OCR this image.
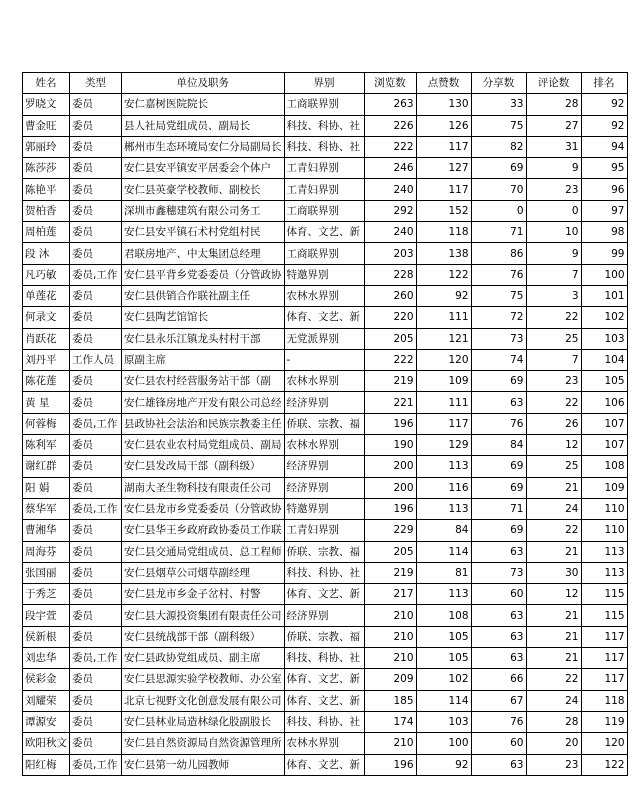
姓名	类型	单位及职务	界别	浏览数	点赞数	分享数	评论数	排名
罗晓文	委员	安仁嘉树医院院长	工商联界别	263	130	33	28	92
曹金旺	委员	县人社局党组成员、副局长	科技、科协、社	226	126	75	27	92
郭丽玲	委员	郴州市生态环境局安仁分局副局长	科技、科协、社	222	117	82	31	94
陈莎莎	委员	安仁县安平镇安平居委会个体户	工青妇界别	246	127	69	9	95
陈艳平	委员	安仁县英豪学校教师、副校长	工青妇界别	240	117	70	23	96
贺柏香	委员	深圳市鑫穗建筑有限公司务工	工商联界别	292	152	0	0	97
周柏莲	委员	安仁县安平镇石术村党组村民	体育、文艺、新	240	118	71	10	98
段 沐	委员	君联房地产、中太集团总经理	工商联界别	203	138	86	9	99
凡巧敏	委员,工作	安仁县平背乡党委委员（分管政协	特邀界别	228	122	76	7	100
单莲花	委员	安仁县供销合作联社副主任	农林水界别	260	92	75	3	101
何录文	委员	安仁县陶艺馆馆长	体育、文艺、新	220	111	72	22	102
肖跃花	委员	安仁县永乐江镇龙头村村干部	无党派界别	205	121	73	25	103
刘丹平	工作人员	原副主席	-	222	120	74	7	104
陈花莲	委员	安仁县农村经营服务站干部（副	农林水界别	219	109	69	23	105
黄 星	委员	安仁雄锋房地产开发有限公司总经	经济界别	221	111	63	22	106
何蓉梅	委员,工作	县政协社会法治和民族宗教委主任	侨联、宗教、福	196	117	76	26	107
陈利军	委员	安仁县农业农村局党组成员、副局	农林水界别	190	129	84	12	107
谢红群	委员	安仁县发改局干部（副科级）	经济界别	200	113	69	25	108
阳 娟	委员	湖南大圣生物科技有限责任公司	经济界别	200	116	69	21	109
蔡华军	委员,工作	安仁县龙市乡党委委员（分管政协	特邀界别	196	113	71	24	110
曹湘华	委员	安仁县华王乡政府政协委员工作联	工青妇界别	229	84	69	22	110
周海芬	委员	安仁县交通局党组成员、总工程师	侨联、宗教、福	205	114	63	21	113
张国丽	委员	安仁县烟草公司烟草副经理	科技、科协、社	219	81	73	30	113
于秀芝	委员	安仁县龙市乡金子岔村、村警	体育、文艺、新	217	113	60	12	115
段宇萱	委员	安仁县大源投资集团有限责任公司	经济界别	210	108	63	21	115
侯新根	委员	安仁县统战部干部（副科级）	侨联、宗教、福	210	105	63	21	117
刘忠华	委员,工作	安仁县政协党组成员、副主席	科技、科协、社	210	105	63	21	117
侯彩金	委员	安仁县思源实验学校教师、办公室	体育、文艺、新	209	102	66	22	117
刘耀荣	委员	北京七视野文化创意发展有限公司	体育、文艺、新	185	114	67	24	118
谭源安	委员	安仁县林业局造林绿化股副股长	科技、科协、社	174	103	76	28	119
欧阳秋文	委员	安仁县自然资源局自然资源管理所	农林水界别	210	100	60	20	120
阳红梅	委员,工作	安仁县第一幼儿园教师	体育、文艺、新	196	92	63	23	122
